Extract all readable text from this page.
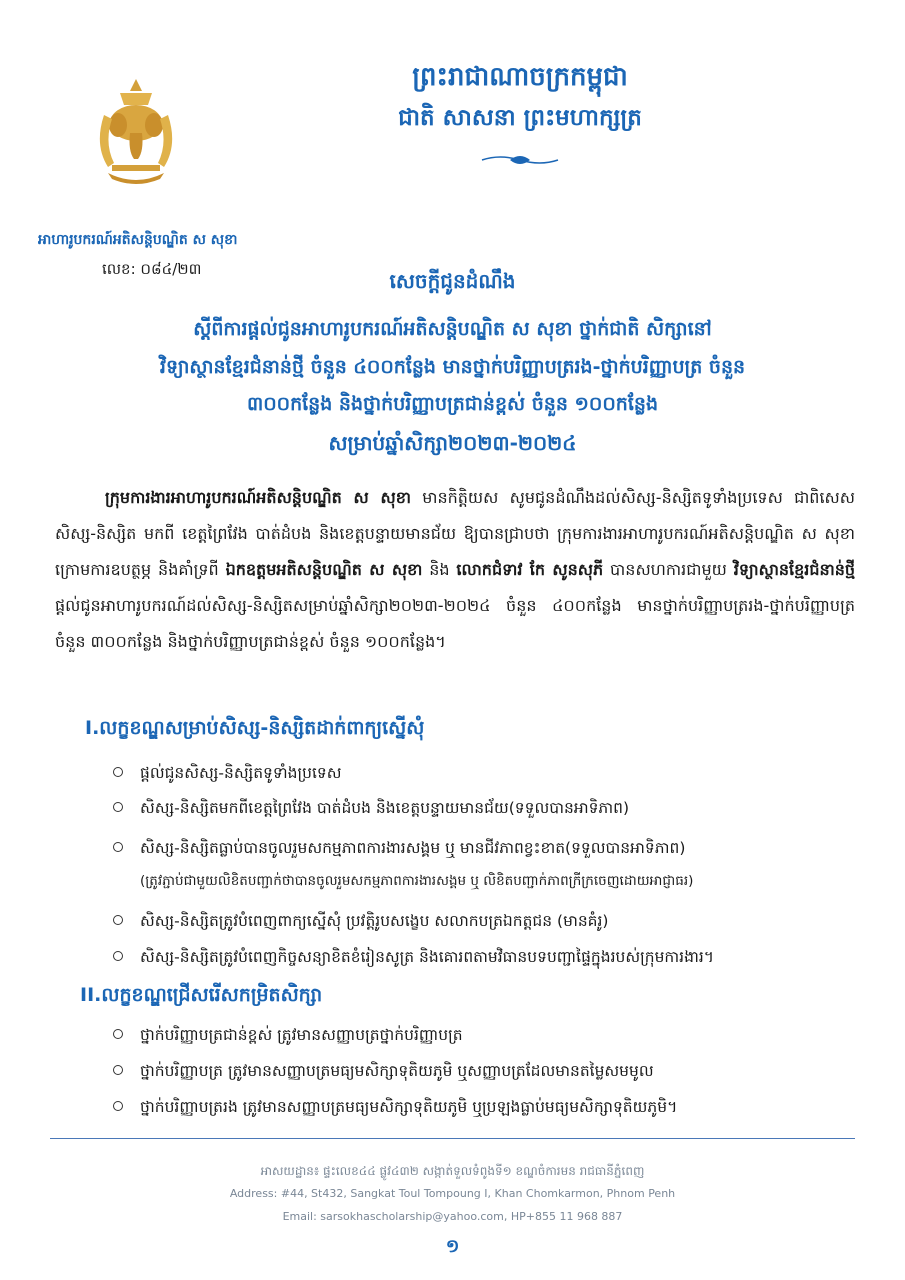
ព្រះរាជាណាចក្រកម្ពុជា
ជាតិ សាសនា ព្រះមហាក្សត្រ
អាហារូបករណ៍អតិសន្តិបណ្ឌិត ស សុខា
លេខ: ០៨៤/២៣	សេចក្តីជូនដំណឹង
ស្តីពីការផ្តល់ជូនអាហារូបករណ៍អតិសន្តិបណ្ឌិត ស សុខា ថ្នាក់ជាតិ សិក្សានៅ
វិទ្យាស្ថានខ្មែរជំនាន់ថ្មី ចំនួន ៤០០កន្លែង មានថ្នាក់បរិញ្ញាបត្ររង-ថ្នាក់បរិញ្ញាបត្រ ចំនួន
៣០០កន្លែង និងថ្នាក់បរិញ្ញាបត្រជាន់ខ្ពស់ ចំនួន ១០០កន្លែង
សម្រាប់ឆ្នាំសិក្សា២០២៣-២០២៤

ក្រុមការងារអាហារូបករណ៍អតិសន្តិបណ្ឌិត ស សុខា មានកិត្តិយស សូមជូនដំណឹងដល់សិស្ស-និស្សិតទូទាំងប្រទេស ជាពិសេសសិស្ស-និស្សិត មកពី ខេត្តព្រៃវែង បាត់ដំបង និងខេត្តបន្ទាយមានជ័យ ឱ្យបានជ្រាបថា ក្រុមការងារអាហារូបករណ៍អតិសន្តិបណ្ឌិត ស សុខា ក្រោមការឧបត្ថម្ភ និងគាំទ្រពី ឯកឧត្តមអតិសន្តិបណ្ឌិត ស សុខា និង លោកជំទាវ កែ សូនសុភី បានសហការជាមួយ វិទ្យាស្ថានខ្មែរជំនាន់ថ្មី ផ្តល់ជូនអាហារូបករណ៍ដល់សិស្ស-និស្សិតសម្រាប់ឆ្នាំសិក្សា២០២៣-២០២៤ ចំនួន ៤០០កន្លែង មានថ្នាក់បរិញ្ញាបត្ររង-ថ្នាក់បរិញ្ញាបត្រ ចំនួន ៣០០កន្លែង និងថ្នាក់បរិញ្ញាបត្រជាន់ខ្ពស់ ចំនួន ១០០កន្លែង។

I.លក្ខខណ្ឌសម្រាប់សិស្ស-និស្សិតដាក់ពាក្យស្នើសុំ
ផ្តល់ជូនសិស្ស-និស្សិតទូទាំងប្រទេស
សិស្ស-និស្សិតមកពីខេត្តព្រៃវែង បាត់ដំបង និងខេត្តបន្ទាយមានជ័យ(ទទួលបានអាទិភាព)
សិស្ស-និស្សិតធ្លាប់បានចូលរួមសកម្មភាពការងារសង្គម ឬ មានជីវភាពខ្វះខាត(ទទួលបានអាទិភាព)
សិស្ស-និស្សិតត្រូវបំពេញពាក្យស្នើសុំ ប្រវត្តិរូបសង្ខេប សលាកបត្រឯកត្តជន (មានគំរូ)
សិស្ស-និស្សិតត្រូវបំពេញកិច្ចសន្យាខិតខំរៀនសូត្រ និងគោរពតាមវិធានបទបញ្ជាផ្ទៃក្នុងរបស់ក្រុមការងារ។
(ត្រូវភ្ជាប់ជាមួយលិខិតបញ្ជាក់ថាបានចូលរួមសកម្មភាពការងារសង្គម ឬ លិខិតបញ្ជាក់ភាពក្រីក្រចេញដោយអាជ្ញាធរ)
II.លក្ខខណ្ឌជ្រើសរើសកម្រិតសិក្សា
ថ្នាក់បរិញ្ញាបត្រជាន់ខ្ពស់ ត្រូវមានសញ្ញាបត្រថ្នាក់បរិញ្ញាបត្រ
ថ្នាក់បរិញ្ញាបត្រ ត្រូវមានសញ្ញាបត្រមធ្យមសិក្សាទុតិយភូមិ ឬសញ្ញាបត្រដែលមានតម្លៃសមមូល
ថ្នាក់បរិញ្ញាបត្ររង ត្រូវមានសញ្ញាបត្រមធ្យមសិក្សាទុតិយភូមិ ឬប្រឡងធ្លាប់មធ្យមសិក្សាទុតិយភូមិ។
អាសយដ្ឋាន៖ ផ្ទះលេខ៤៤ ផ្លូវ៤៣២ សង្កាត់ទួលទំពូងទី១ ខណ្ឌចំការមន រាជធានីភ្នំពេញ
Address: #44, St432, Sangkat Toul Tompoung I, Khan Chomkarmon, Phnom Penh
Email: sarsokhascholarship@yahoo.com, HP+855 11 968 887
១
